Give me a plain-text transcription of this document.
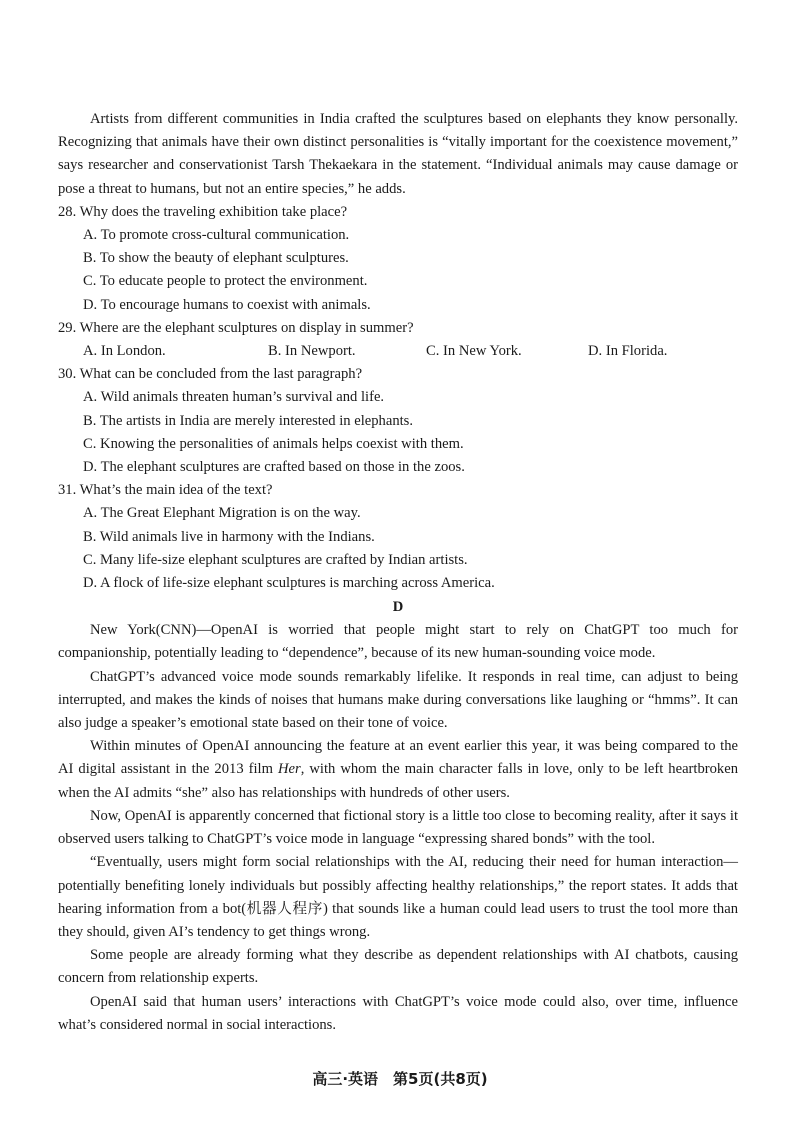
Artists from different communities in India crafted the sculptures based on elephants they know personally. Recognizing that animals have their own distinct personalities is “vitally important for the coexistence movement,” says researcher and conservationist Tarsh Thekaekara in the statement. “Individual animals may cause damage or pose a threat to humans, but not an entire species,” he adds.

28. Why does the traveling exhibition take place?

A. To promote cross-cultural communication.

B. To show the beauty of elephant sculptures.

C. To educate people to protect the environment.

D. To encourage humans to coexist with animals.

29. Where are the elephant sculptures on display in summer?

A. In London.	B. In Newport.	C. In New York.	D. In Florida.

30. What can be concluded from the last paragraph?

A. Wild animals threaten human’s survival and life.

B. The artists in India are merely interested in elephants.

C. Knowing the personalities of animals helps coexist with them.

D. The elephant sculptures are crafted based on those in the zoos.

31. What’s the main idea of the text?

A. The Great Elephant Migration is on the way.

B. Wild animals live in harmony with the Indians.

C. Many life-size elephant sculptures are crafted by Indian artists.

D. A flock of life-size elephant sculptures is marching across America.

D

New York(CNN)—OpenAI is worried that people might start to rely on ChatGPT too much for companionship, potentially leading to “dependence”, because of its new human-sounding voice mode.

ChatGPT’s advanced voice mode sounds remarkably lifelike. It responds in real time, can adjust to being interrupted, and makes the kinds of noises that humans make during conversations like laughing or “hmms”. It can also judge a speaker’s emotional state based on their tone of voice.

Within minutes of OpenAI announcing the feature at an event earlier this year, it was being compared to the AI digital assistant in the 2013 film Her, with whom the main character falls in love, only to be left heartbroken when the AI admits “she” also has relationships with hundreds of other users.

Now, OpenAI is apparently concerned that fictional story is a little too close to becoming reality, after it says it observed users talking to ChatGPT’s voice mode in language “expressing shared bonds” with the tool.

“Eventually, users might form social relationships with the AI, reducing their need for human interaction—potentially benefiting lonely individuals but possibly affecting healthy relationships,” the report states. It adds that hearing information from a bot(机器人程序) that sounds like a human could lead users to trust the tool more than they should, given AI’s tendency to get things wrong.

Some people are already forming what they describe as dependent relationships with AI chatbots, causing concern from relationship experts.

OpenAI said that human users’ interactions with ChatGPT’s voice mode could also, over time, influence what’s considered normal in social interactions.

高三·英语　第5页(共8页)
